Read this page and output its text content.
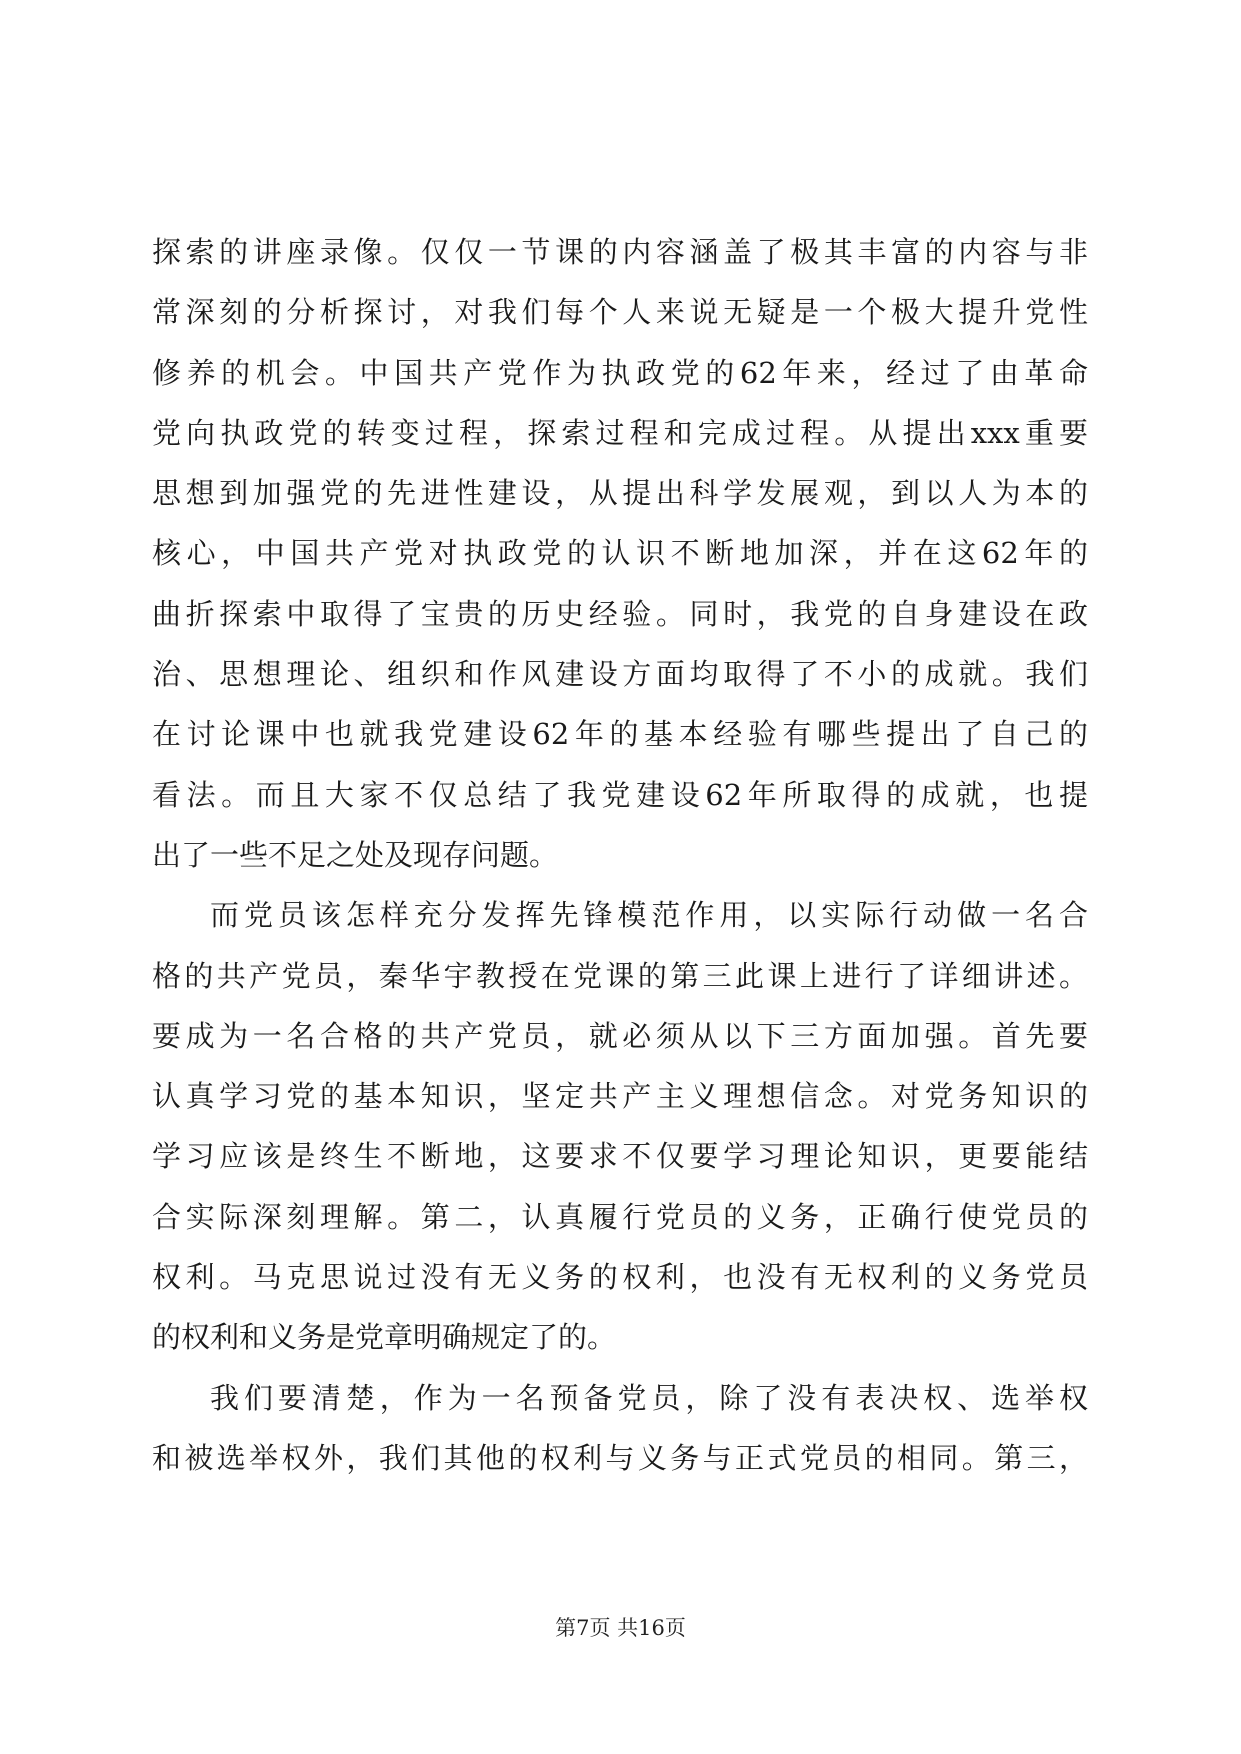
探索的讲座录像。仅仅一节课的内容涵盖了极其丰富的内容与非
常深刻的分析探讨，对我们每个人来说无疑是一个极大提升党性
修养的机会。中国共产党作为执政党的62年来，经过了由革命
党向执政党的转变过程，探索过程和完成过程。从提出xxx重要
思想到加强党的先进性建设，从提出科学发展观，到以人为本的
核心，中国共产党对执政党的认识不断地加深，并在这62年的
曲折探索中取得了宝贵的历史经验。同时，我党的自身建设在政
治、思想理论、组织和作风建设方面均取得了不小的成就。我们
在讨论课中也就我党建设62年的基本经验有哪些提出了自己的
看法。而且大家不仅总结了我党建设62年所取得的成就，也提
出了一些不足之处及现存问题。
而党员该怎样充分发挥先锋模范作用，以实际行动做一名合
格的共产党员，秦华宇教授在党课的第三此课上进行了详细讲述。
要成为一名合格的共产党员，就必须从以下三方面加强。首先要
认真学习党的基本知识，坚定共产主义理想信念。对党务知识的
学习应该是终生不断地，这要求不仅要学习理论知识，更要能结
合实际深刻理解。第二，认真履行党员的义务，正确行使党员的
权利。马克思说过没有无义务的权利，也没有无权利的义务党员
的权利和义务是党章明确规定了的。
我们要清楚，作为一名预备党员，除了没有表决权、选举权
和被选举权外，我们其他的权利与义务与正式党员的相同。第三，
第7页 共16页
